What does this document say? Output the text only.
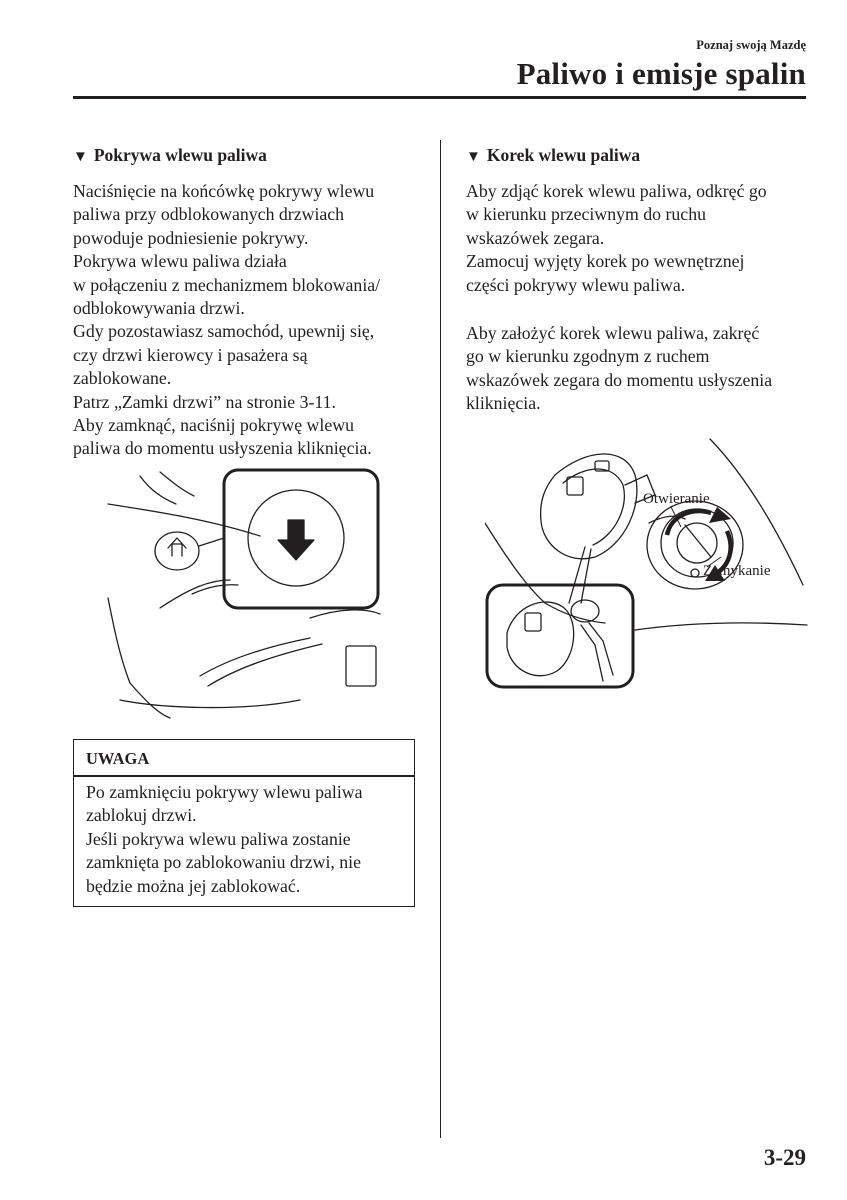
Poznaj swoją Mazdę
Paliwo i emisje spalin
▼ Pokrywa wlewu paliwa
Naciśnięcie na końcówkę pokrywy wlewu
paliwa przy odblokowanych drzwiach
powoduje podniesienie pokrywy.
Pokrywa wlewu paliwa działa
w połączeniu z mechanizmem blokowania/
odblokowywania drzwi.
Gdy pozostawiasz samochód, upewnij się,
czy drzwi kierowcy i pasażera są
zablokowane.
Patrz „Zamki drzwi” na stronie 3-11.
Aby zamknąć, naciśnij pokrywę wlewu
paliwa do momentu usłyszenia kliknięcia.
▼ Korek wlewu paliwa
Aby zdjąć korek wlewu paliwa, odkręć go
w kierunku przeciwnym do ruchu
wskazówek zegara.
Zamocuj wyjęty korek po wewnętrznej
części pokrywy wlewu paliwa.
Aby założyć korek wlewu paliwa, zakręć
go w kierunku zgodnym z ruchem
wskazówek zegara do momentu usłyszenia
kliknięcia.
Otwieranie
Zamykanie
UWAGA
Po zamknięciu pokrywy wlewu paliwa
zablokuj drzwi.
Jeśli pokrywa wlewu paliwa zostanie
zamknięta po zablokowaniu drzwi, nie
będzie można jej zablokować.
3-29
